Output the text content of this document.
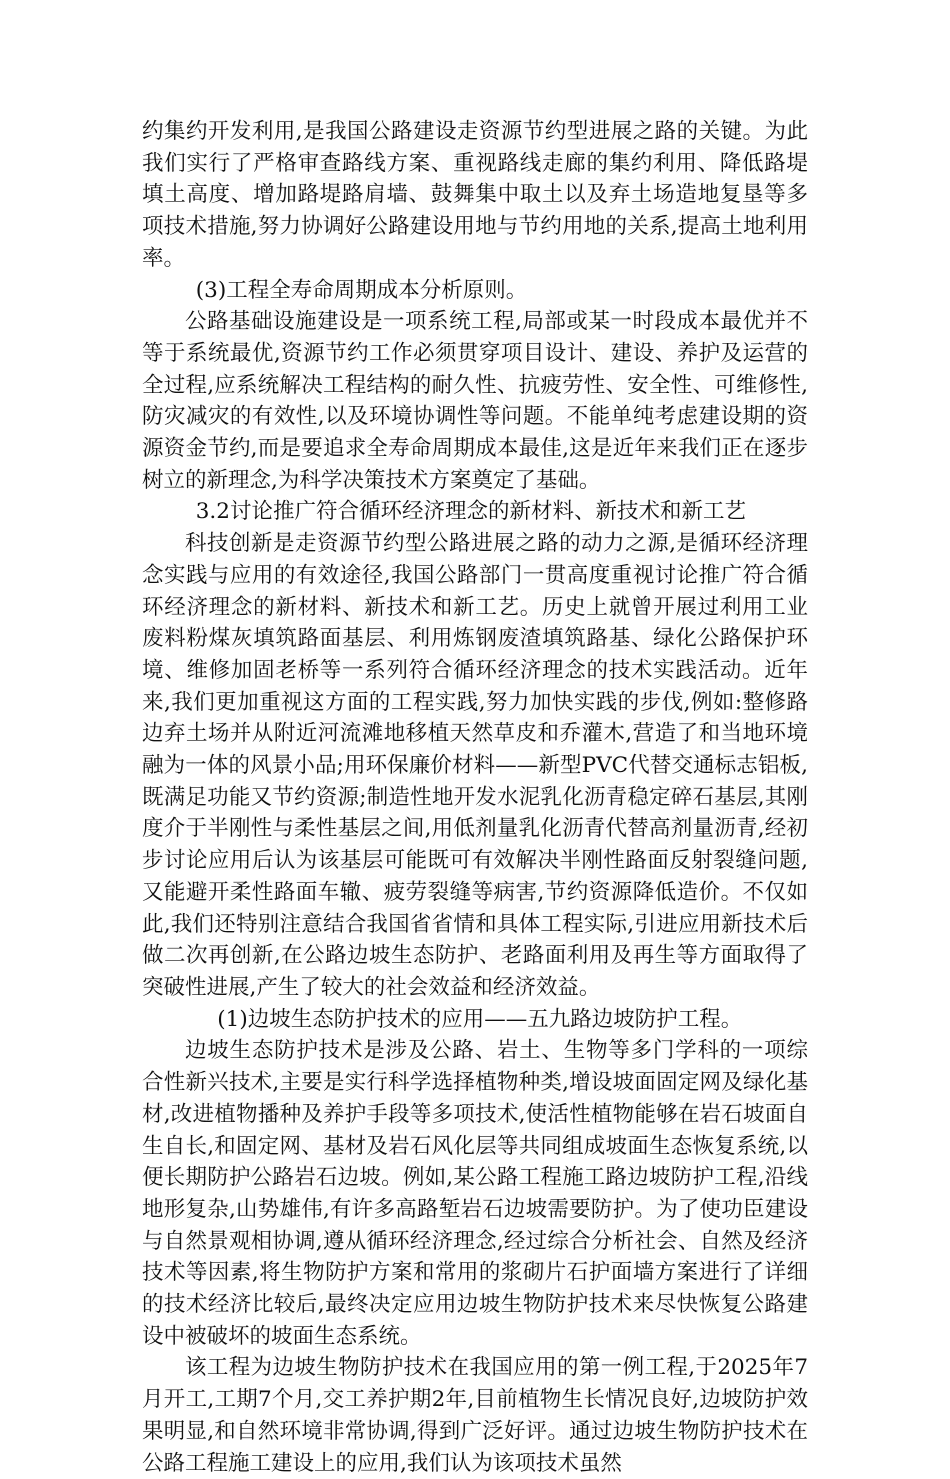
约集约开发利用,是我国公路建设走资源节约型进展之路的关键。为此我们实行了严格审查路线方案、重视路线走廊的集约利用、降低路堤填土高度、增加路堤路肩墙、鼓舞集中取土以及弃土场造地复垦等多项技术措施,努力协调好公路建设用地与节约用地的关系,提高土地利用率。

(3)工程全寿命周期成本分析原则。

公路基础设施建设是一项系统工程,局部或某一时段成本最优并不等于系统最优,资源节约工作必须贯穿项目设计、建设、养护及运营的全过程,应系统解决工程结构的耐久性、抗疲劳性、安全性、可维修性,防灾减灾的有效性,以及环境协调性等问题。不能单纯考虑建设期的资源资金节约,而是要追求全寿命周期成本最佳,这是近年来我们正在逐步树立的新理念,为科学决策技术方案奠定了基础。

3.2讨论推广符合循环经济理念的新材料、新技术和新工艺

科技创新是走资源节约型公路进展之路的动力之源,是循环经济理念实践与应用的有效途径,我国公路部门一贯高度重视讨论推广符合循环经济理念的新材料、新技术和新工艺。历史上就曾开展过利用工业废料粉煤灰填筑路面基层、利用炼钢废渣填筑路基、绿化公路保护环境、维修加固老桥等一系列符合循环经济理念的技术实践活动。近年来,我们更加重视这方面的工程实践,努力加快实践的步伐,例如:整修路边弃土场并从附近河流滩地移植天然草皮和乔灌木,营造了和当地环境融为一体的风景小品;用环保廉价材料——新型PVC代替交通标志铝板,既满足功能又节约资源;制造性地开发水泥乳化沥青稳定碎石基层,其刚度介于半刚性与柔性基层之间,用低剂量乳化沥青代替高剂量沥青,经初步讨论应用后认为该基层可能既可有效解决半刚性路面反射裂缝问题,又能避开柔性路面车辙、疲劳裂缝等病害,节约资源降低造价。不仅如此,我们还特别注意结合我国省省情和具体工程实际,引进应用新技术后做二次再创新,在公路边坡生态防护、老路面利用及再生等方面取得了突破性进展,产生了较大的社会效益和经济效益。

(1)边坡生态防护技术的应用——五九路边坡防护工程。

边坡生态防护技术是涉及公路、岩土、生物等多门学科的一项综合性新兴技术,主要是实行科学选择植物种类,增设坡面固定网及绿化基材,改进植物播种及养护手段等多项技术,使活性植物能够在岩石坡面自生自长,和固定网、基材及岩石风化层等共同组成坡面生态恢复系统,以便长期防护公路岩石边坡。例如,某公路工程施工路边坡防护工程,沿线地形复杂,山势雄伟,有许多高路堑岩石边坡需要防护。为了使功臣建设与自然景观相协调,遵从循环经济理念,经过综合分析社会、自然及经济技术等因素,将生物防护方案和常用的浆砌片石护面墙方案进行了详细的技术经济比较后,最终决定应用边坡生物防护技术来尽快恢复公路建设中被破坏的坡面生态系统。

该工程为边坡生物防护技术在我国应用的第一例工程,于2025年7月开工,工期7个月,交工养护期2年,目前植物生长情况良好,边坡防护效果明显,和自然环境非常协调,得到广泛好评。通过边坡生物防护技术在公路工程施工建设上的应用,我们认为该项技术虽然
